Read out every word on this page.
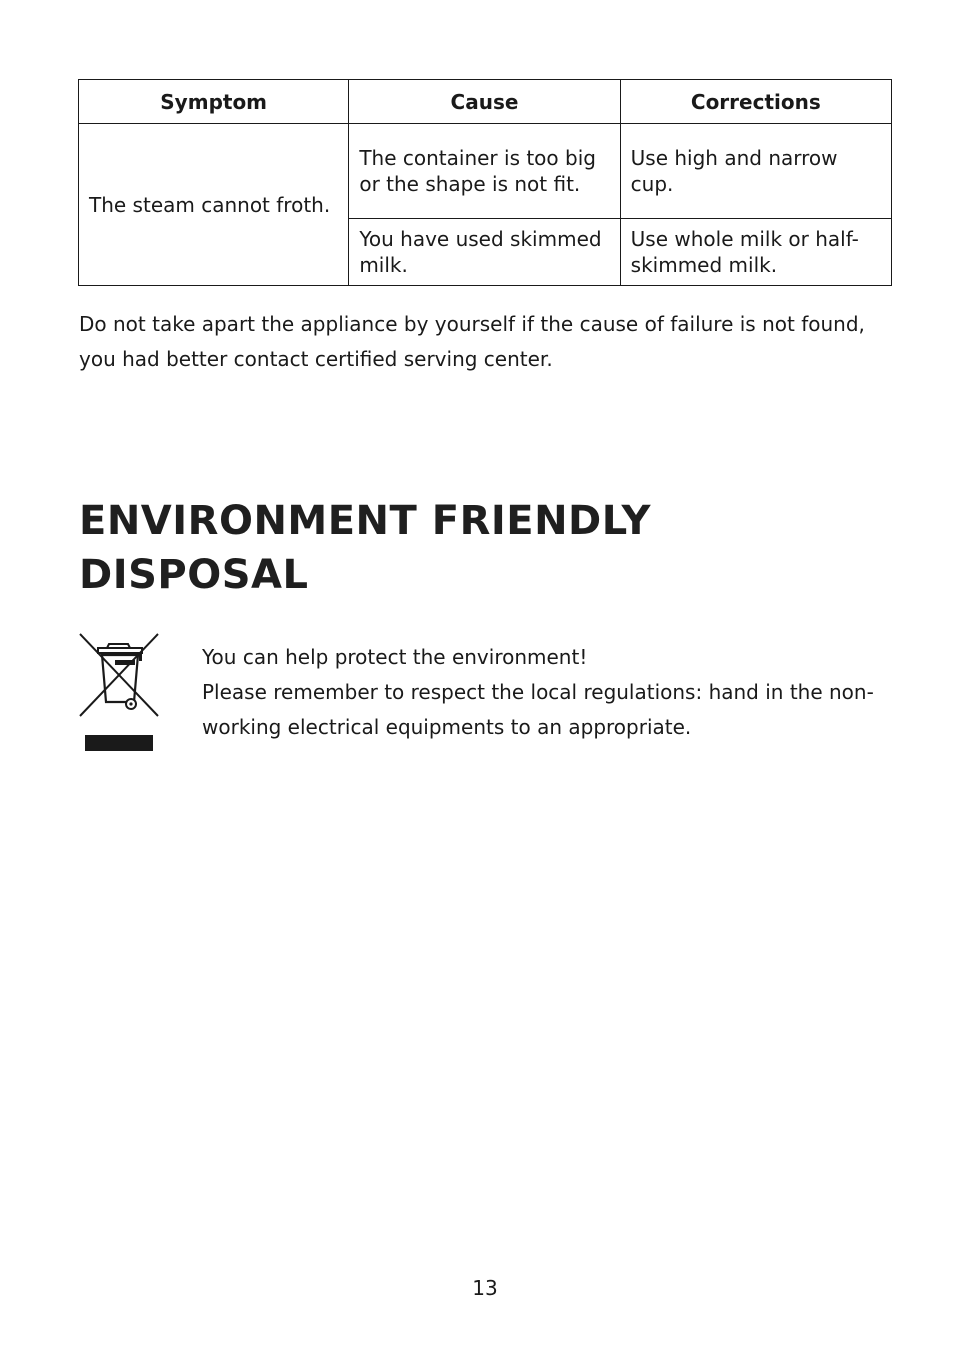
Symptom	Cause	Corrections
The steam cannot froth.	The container is too big or the shape is not fit.	Use high and narrow cup.
	You have used skimmed milk.	Use whole milk or half-skimmed milk.

Do not take apart the appliance by yourself if the cause of failure is not found, you had better contact certified serving center.

ENVIRONMENT FRIENDLY
DISPOSAL

You can help protect the environment!
Please remember to respect the local regulations: hand in the non-working electrical equipments to an appropriate.

13
